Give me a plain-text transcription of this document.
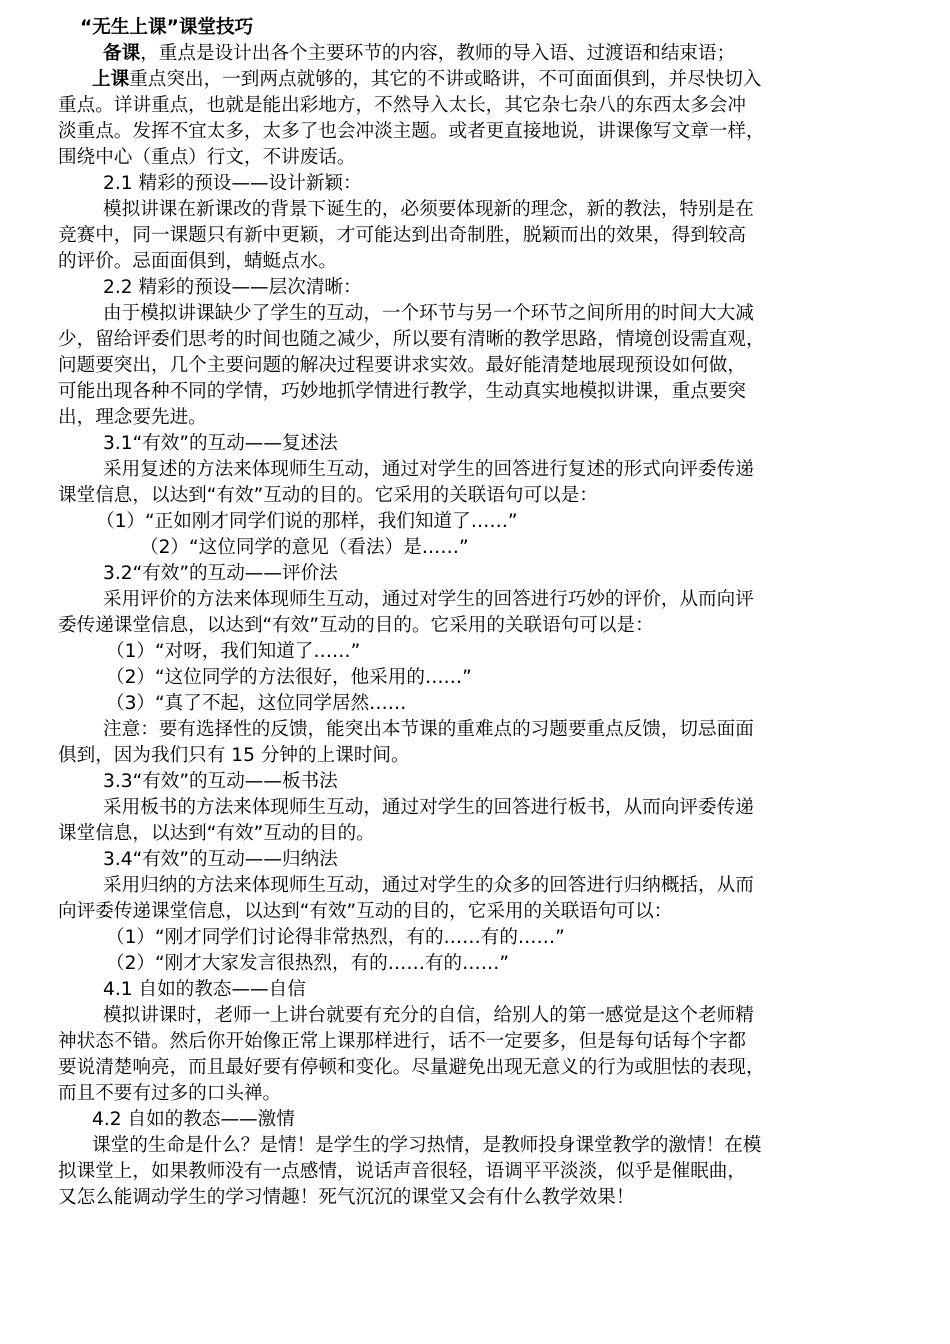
“无生上课”课堂技巧
备课，重点是设计出各个主要环节的内容，教师的导入语、过渡语和结束语；
上课重点突出，一到两点就够的，其它的不讲或略讲，不可面面俱到，并尽快切入
重点。详讲重点，也就是能出彩地方，不然导入太长，其它杂七杂八的东西太多会冲
淡重点。发挥不宜太多，太多了也会冲淡主题。或者更直接地说，讲课像写文章一样，
围绕中心（重点）行文，不讲废话。
2.1 精彩的预设——设计新颖：
模拟讲课在新课改的背景下诞生的，必须要体现新的理念，新的教法，特别是在
竞赛中，同一课题只有新中更颖，才可能达到出奇制胜，脱颖而出的效果，得到较高
的评价。忌面面俱到，蜻蜓点水。
2.2 精彩的预设——层次清晰：
由于模拟讲课缺少了学生的互动，一个环节与另一个环节之间所用的时间大大减
少，留给评委们思考的时间也随之减少，所以要有清晰的教学思路，情境创设需直观，
问题要突出，几个主要问题的解决过程要讲求实效。最好能清楚地展现预设如何做，
可能出现各种不同的学情，巧妙地抓学情进行教学，生动真实地模拟讲课，重点要突
出，理念要先进。
3.1“有效”的互动——复述法
采用复述的方法来体现师生互动，通过对学生的回答进行复述的形式向评委传递
课堂信息，以达到“有效”互动的目的。它采用的关联语句可以是：
（1）“正如刚才同学们说的那样，我们知道了……”
（2）“这位同学的意见（看法）是……”
3.2“有效”的互动——评价法
采用评价的方法来体现师生互动，通过对学生的回答进行巧妙的评价，从而向评
委传递课堂信息，以达到“有效”互动的目的。它采用的关联语句可以是：
（1）“对呀，我们知道了……”
（2）“这位同学的方法很好，他采用的……”
（3）“真了不起，这位同学居然……
注意：要有选择性的反馈，能突出本节课的重难点的习题要重点反馈，切忌面面
俱到，因为我们只有 15 分钟的上课时间。
3.3“有效”的互动——板书法
采用板书的方法来体现师生互动，通过对学生的回答进行板书，从而向评委传递
课堂信息，以达到“有效”互动的目的。
3.4“有效”的互动——归纳法
采用归纳的方法来体现师生互动，通过对学生的众多的回答进行归纳概括，从而
向评委传递课堂信息，以达到“有效”互动的目的，它采用的关联语句可以：
（1）“刚才同学们讨论得非常热烈，有的……有的……”
（2）“刚才大家发言很热烈，有的……有的……”
4.1 自如的教态——自信
模拟讲课时，老师一上讲台就要有充分的自信，给别人的第一感觉是这个老师精
神状态不错。然后你开始像正常上课那样进行，话不一定要多，但是每句话每个字都
要说清楚响亮，而且最好要有停顿和变化。尽量避免出现无意义的行为或胆怯的表现，
而且不要有过多的口头禅。
4.2 自如的教态——激情
课堂的生命是什么？是情！是学生的学习热情，是教师投身课堂教学的激情！在模
拟课堂上，如果教师没有一点感情，说话声音很轻，语调平平淡淡，似乎是催眠曲，
又怎么能调动学生的学习情趣！死气沉沉的课堂又会有什么教学效果！
